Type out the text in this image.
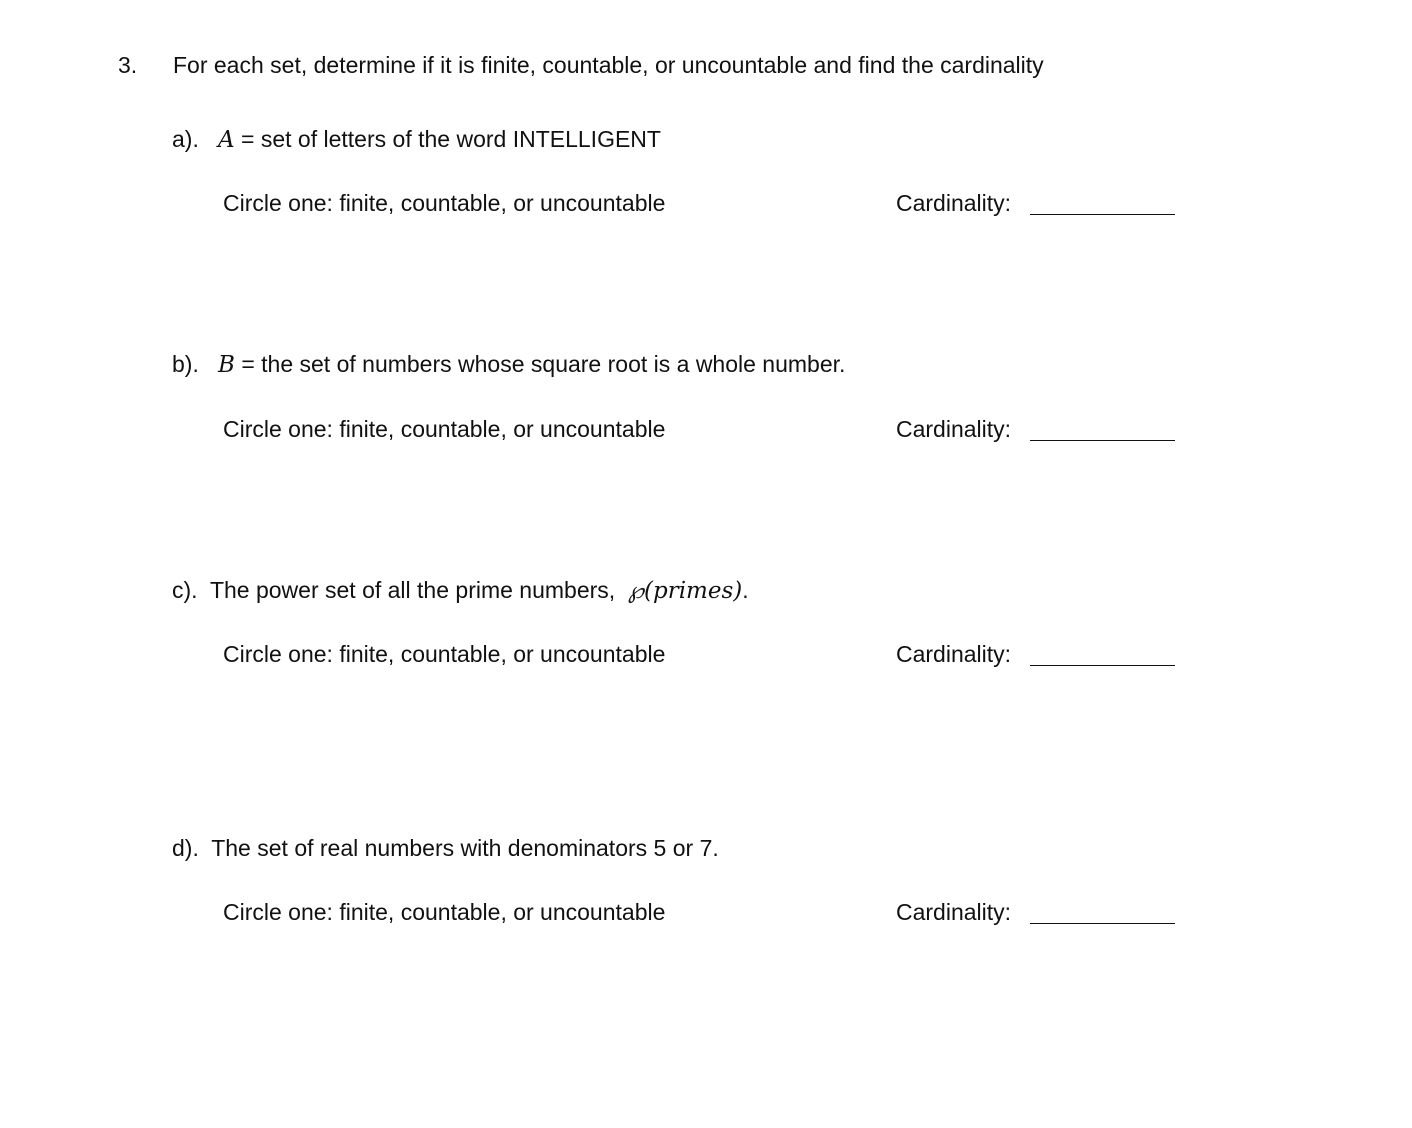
3. For each set, determine if it is finite, countable, or uncountable and find the cardinality
a). A = set of letters of the word INTELLIGENT
Circle one: finite, countable, or uncountable	Cardinality:
b). B = the set of numbers whose square root is a whole number.
Circle one: finite, countable, or uncountable	Cardinality:
c). The power set of all the prime numbers, ℘(primes).
Circle one: finite, countable, or uncountable	Cardinality:
d). The set of real numbers with denominators 5 or 7.
Circle one: finite, countable, or uncountable	Cardinality:
